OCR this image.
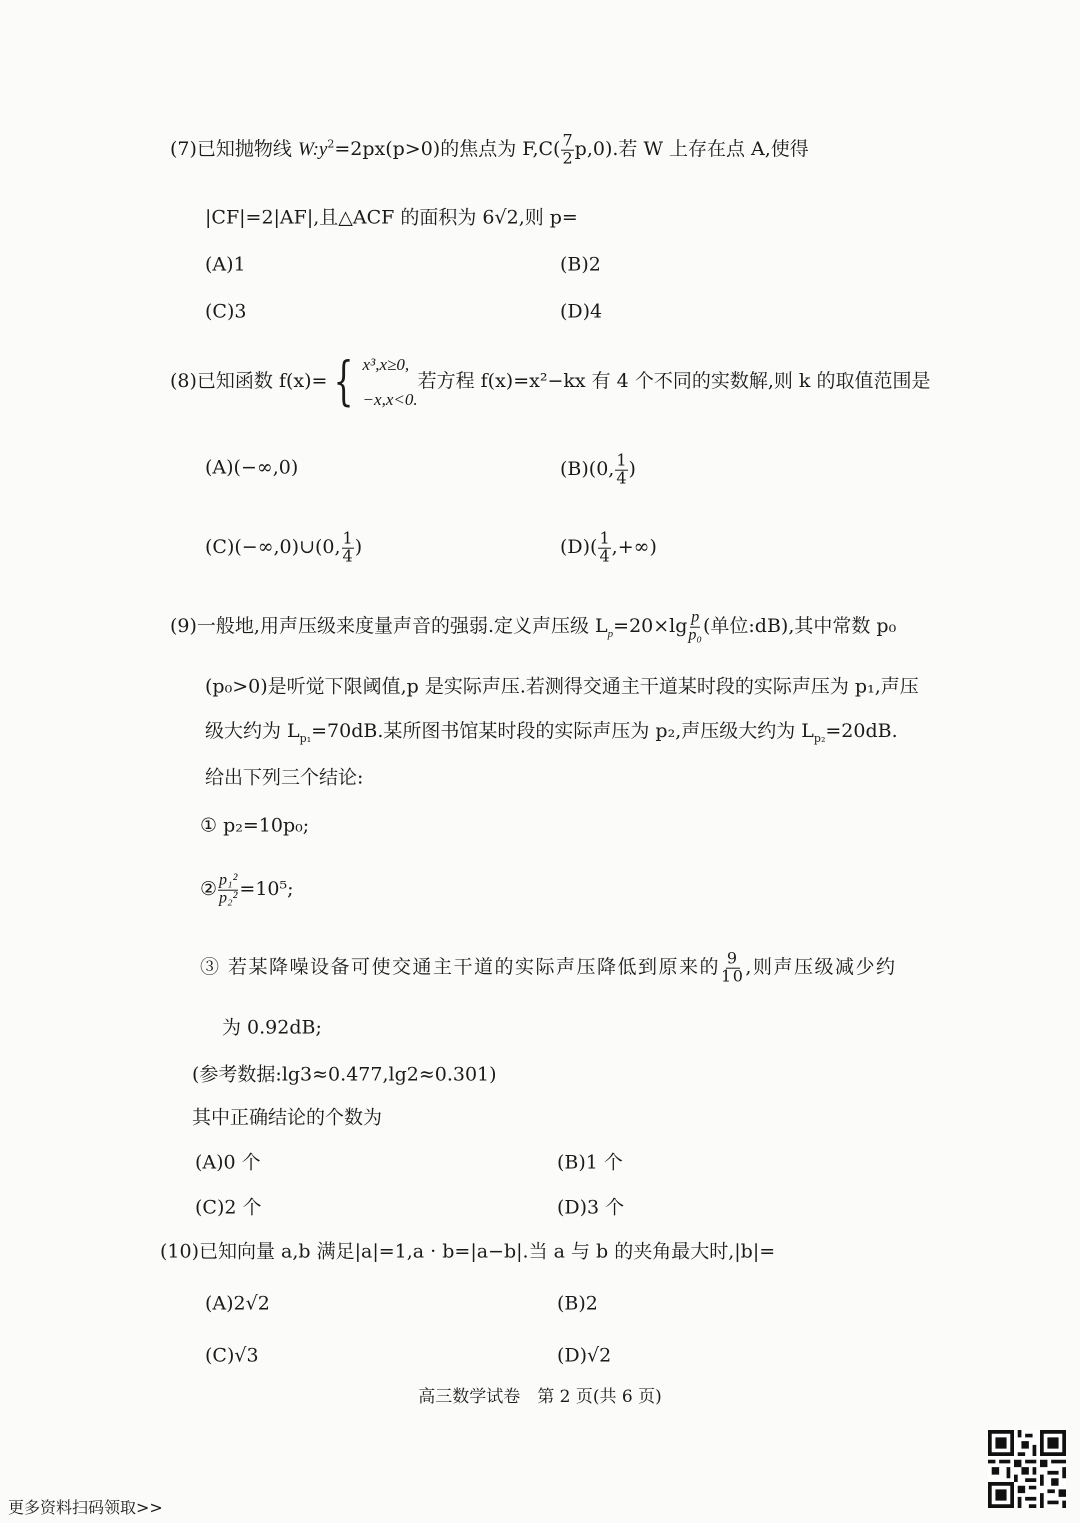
(7)已知抛物线 $W:y^2=2px(p>0)$的焦点为 $F,C( \frac{7}{2} p,0)$.若 W 上存在点 A,使得
|CF|=2|AF|,且△ACF 的面积为 6√2,则 p=
(A)1	(B)2
(C)3	(D)4
(8)已知函数 f(x)= { x³,x≥0,
−x,x<0.
若方程 f(x)=x²−kx 有 4 个不同的实数解,则 k 的取值范围是
(A)(−∞,0)	(B)(0, $\frac{1}{4}$ )
(C)(−∞,0)∪(0, $\frac{1}{4}$ )	$(D)( \frac{1}{4}$ ,+∞)
(9)一般地,用声压级来度量声音的强弱.定义声压级 $L_p=20\times\lg \frac{p}{\text{p₀}}$ (单位:dB),其中常数 p₀
(p₀>0)是听觉下限阈值,p 是实际声压.若测得交通主干道某时段的实际声压为 p₁,声压
级大约为 $L_{p_1}=70dB$.某所图书馆某时段的实际声压为 p₂,声压级大约为 $L_{p_2}=20dB$.
给出下列三个结论:
① p₂=10p₀;
② $\frac{\text{p₁²}}{\text{p₂²}} =10^5$;
③ 若某降噪设备可使交通主干道的实际声压降低到原来的 $\frac{9}{10}$ ,则声压级减少约
为 0.92dB;
(参考数据:lg3≈0.477,lg2≈0.301)
其中正确结论的个数为
(A)0 个	(B)1 个
(C)2 个	(D)3 个
(10)已知向量 a,b 满足|a|=1,a · b=|a−b|.当 a 与 b 的夹角最大时,|b|=
(A)2√2	(B)2
(C)√3	(D)√2
高三数学试卷　第 2 页(共 6 页)
更多资料扫码领取>>
